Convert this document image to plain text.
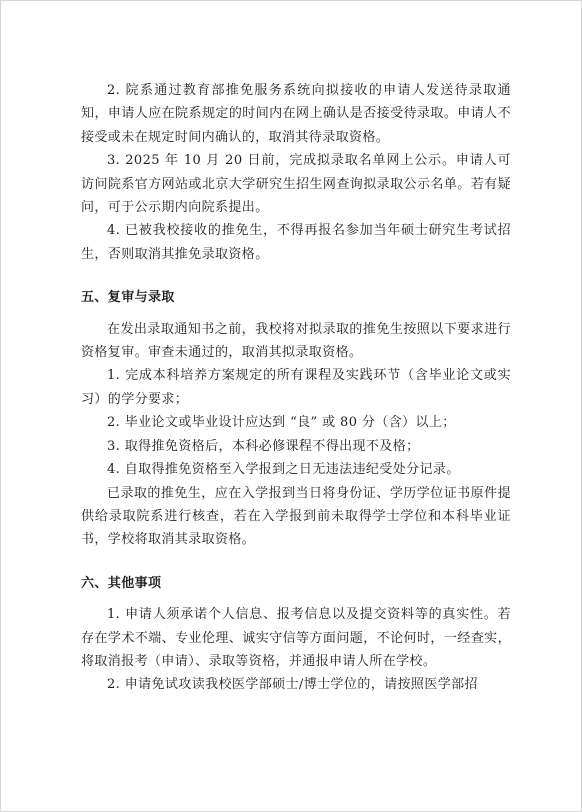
2. 院系通过教育部推免服务系统向拟接收的申请人发送待录取通知，申请人应在院系规定的时间内在网上确认是否接受待录取。申请人不接受或未在规定时间内确认的，取消其待录取资格。

3. 2025 年 10 月 20 日前，完成拟录取名单网上公示。申请人可访问院系官方网站或北京大学研究生招生网查询拟录取公示名单。若有疑问，可于公示期内向院系提出。

4. 已被我校接收的推免生，不得再报名参加当年硕士研究生考试招生，否则取消其推免录取资格。

五、复审与录取

在发出录取通知书之前，我校将对拟录取的推免生按照以下要求进行资格复审。审查未通过的，取消其拟录取资格。

1. 完成本科培养方案规定的所有课程及实践环节（含毕业论文或实习）的学分要求；

2. 毕业论文或毕业设计应达到 “良” 或 80 分（含）以上；

3. 取得推免资格后，本科必修课程不得出现不及格；

4. 自取得推免资格至入学报到之日无违法违纪受处分记录。

已录取的推免生，应在入学报到当日将身份证、学历学位证书原件提供给录取院系进行核查，若在入学报到前未取得学士学位和本科毕业证书，学校将取消其录取资格。

六、其他事项

1. 申请人须承诺个人信息、报考信息以及提交资料等的真实性。若存在学术不端、专业伦理、诚实守信等方面问题，不论何时，一经查实，将取消报考（申请）、录取等资格，并通报申请人所在学校。

2. 申请免试攻读我校医学部硕士/博士学位的，请按照医学部招
